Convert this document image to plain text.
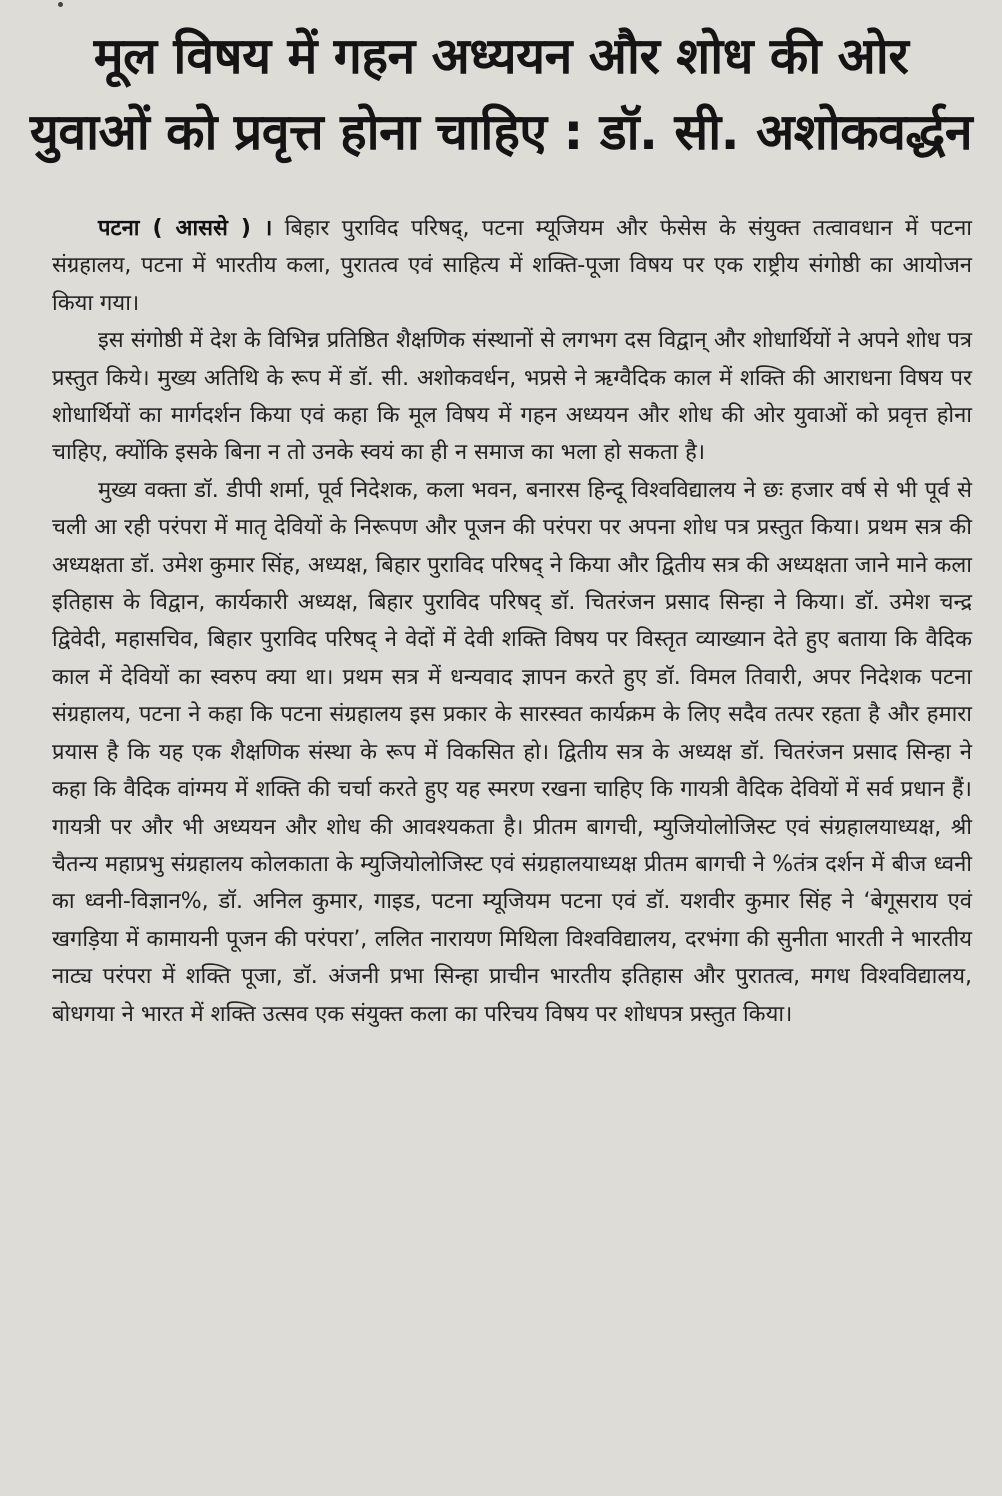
मूल विषय में गहन अध्ययन और शोध की ओर
युवाओं को प्रवृत्त होना चाहिए : डॉ. सी. अशोकवर्द्धन

पटना ( आससे ) । बिहार पुराविद परिषद्, पटना म्यूजियम और फेसेस के संयुक्त तत्वावधान में पटना संग्रहालय, पटना में भारतीय कला, पुरातत्व एवं साहित्य में शक्ति-पूजा विषय पर एक राष्ट्रीय संगोष्ठी का आयोजन किया गया।

इस संगोष्ठी में देश के विभिन्न प्रतिष्ठित शैक्षणिक संस्थानों से लगभग दस विद्वान् और शोधार्थियों ने अपने शोध पत्र प्रस्तुत किये। मुख्य अतिथि के रूप में डॉ. सी. अशोकवर्धन, भप्रसे ने ऋग्वैदिक काल में शक्ति की आराधना विषय पर शोधार्थियों का मार्गदर्शन किया एवं कहा कि मूल विषय में गहन अध्ययन और शोध की ओर युवाओं को प्रवृत्त होना चाहिए, क्योंकि इसके बिना न तो उनके स्वयं का ही न समाज का भला हो सकता है।

मुख्य वक्ता डॉ. डीपी शर्मा, पूर्व निदेशक, कला भवन, बनारस हिन्दू विश्वविद्यालय ने छः हजार वर्ष से भी पूर्व से चली आ रही परंपरा में मातृ देवियों के निरूपण और पूजन की परंपरा पर अपना शोध पत्र प्रस्तुत किया। प्रथम सत्र की अध्यक्षता डॉ. उमेश कुमार सिंह, अध्यक्ष, बिहार पुराविद परिषद् ने किया और द्वितीय सत्र की अध्यक्षता जाने माने कला इतिहास के विद्वान, कार्यकारी अध्यक्ष, बिहार पुराविद परिषद् डॉ. चितरंजन प्रसाद सिन्हा ने किया। डॉ. उमेश चन्द्र द्विवेदी, महासचिव, बिहार पुराविद परिषद् ने वेदों में देवी शक्ति विषय पर विस्तृत व्याख्यान देते हुए बताया कि वैदिक काल में देवियों का स्वरुप क्या था। प्रथम सत्र में धन्यवाद ज्ञापन करते हुए डॉ. विमल तिवारी, अपर निदेशक पटना संग्रहालय, पटना ने कहा कि पटना संग्रहालय इस प्रकार के सारस्वत कार्यक्रम के लिए सदैव तत्पर रहता है और हमारा प्रयास है कि यह एक शैक्षणिक संस्था के रूप में विकसित हो। द्वितीय सत्र के अध्यक्ष डॉ. चितरंजन प्रसाद सिन्हा ने कहा कि वैदिक वांग्मय में शक्ति की चर्चा करते हुए यह स्मरण रखना चाहिए कि गायत्री वैदिक देवियों में सर्व प्रधान हैं। गायत्री पर और भी अध्ययन और शोध की आवश्यकता है। प्रीतम बागची, म्युजियोलोजिस्ट एवं संग्रहालयाध्यक्ष, श्री चैतन्य महाप्रभु संग्रहालय कोलकाता के म्युजियोलोजिस्ट एवं संग्रहालयाध्यक्ष प्रीतम बागची ने %तंत्र दर्शन में बीज ध्वनी का ध्वनी-विज्ञान%, डॉ. अनिल कुमार, गाइड, पटना म्यूजियम पटना एवं डॉ. यशवीर कुमार सिंह ने ‘बेगूसराय एवं खगड़िया में कामायनी पूजन की परंपरा’, ललित नारायण मिथिला विश्वविद्यालय, दरभंगा की सुनीता भारती ने भारतीय नाट्य परंपरा में शक्ति पूजा, डॉ. अंजनी प्रभा सिन्हा प्राचीन भारतीय इतिहास और पुरातत्व, मगध विश्वविद्यालय, बोधगया ने भारत में शक्ति उत्सव एक संयुक्त कला का परिचय विषय पर शोधपत्र प्रस्तुत किया।
